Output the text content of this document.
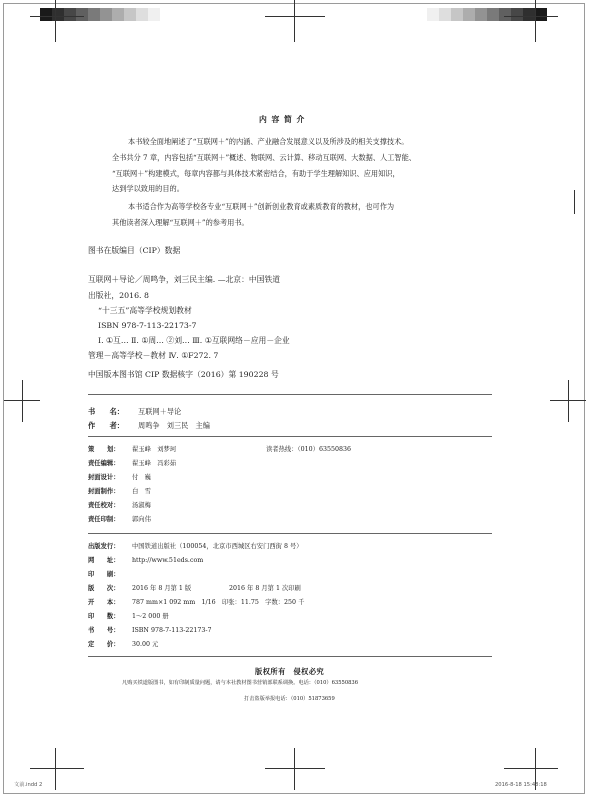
内 容 简 介
本书较全面地阐述了“互联网＋”的内涵、产业融合发展意义以及所涉及的相关支撑技术。
全书共分 7 章，内容包括“互联网＋”概述、物联网、云计算、移动互联网、大数据、人工智能、
“互联网＋”构建模式，每章内容都与具体技术紧密结合，有助于学生理解知识、应用知识，
达到学以致用的目的。
本书适合作为高等学校各专业“互联网＋”创新创业教育或素质教育的教材，也可作为
其他读者深入理解“互联网＋”的参考用书。
图书在版编目（CIP）数据
互联网＋导论／周鸣争，刘三民主编. —北京：中国铁道
出版社，2016. 8
“十三五”高等学校规划教材
ISBN 978-7-113-22173-7
Ⅰ. ①互… Ⅱ. ①周… ②刘… Ⅲ. ①互联网络－应用－企业
管理－高等学校－教材 Ⅳ. ①F272. 7
中国版本图书馆 CIP 数据核字（2016）第 190228 号
书　　名： 互联网＋导论
作　　者： 周鸣争　刘三民　主编
策　　划： 翟玉峰　刘梦珂
责任编辑： 翟玉峰　冯彩茹
封面设计： 付　巍
封面制作： 白　雪
责任校对： 汤淑梅
责任印制： 郭向伟
读者热线：（010）63550836
出版发行： 中国铁道出版社（100054，北京市西城区右安门西街 8 号）
网　　址： http://www.51eds.com
印　　刷：
版　　次： 2016 年 8 月第 1 版　　　　　　2016 年 8 月第 1 次印刷
开　　本： 787 mm×1 092 mm　1/16　印张：11.75　字数：250 千
印　　数： 1～2 000 册
书　　号： ISBN 978-7-113-22173-7
定　　价： 30.00 元
版权所有　侵权必究
凡购买铁道版图书，如有印制质量问题，请与本社教材图书营销部联系调换。电话：（010）63550836
打击盗版举报电话：（010）51873659
文前.indd 2	2016-8-18 15:48:18
